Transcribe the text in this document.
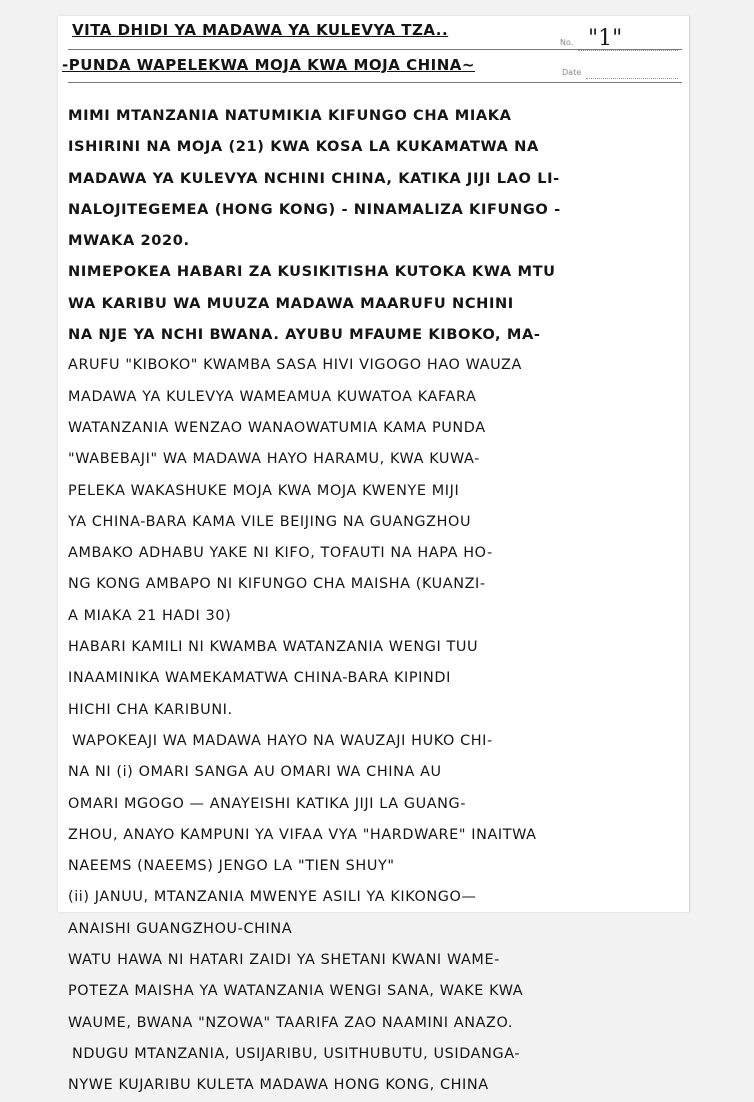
VITA DHIDI YA MADAWA YA KULEVYA TZA..
No. "1"
-PUNDA WAPELEKWA MOJA KWA MOJA CHINA~	Date
MIMI MTANZANIA NATUMIKIA KIFUNGO CHA MIAKA
ISHIRINI NA MOJA (21) KWA KOSA LA KUKAMATWA NA
MADAWA YA KULEVYA NCHINI CHINA, KATIKA JIJI LAO LI-
NALOJITEGEMEA (HONG KONG) - NINAMALIZA KIFUNGO -
MWAKA 2020.
NIMEPOKEA HABARI ZA KUSIKITISHA KUTOKA KWA MTU
WA KARIBU WA MUUZA MADAWA MAARUFU NCHINI
NA NJE YA NCHI BWANA. AYUBU MFAUME KIBOKO, MA-
ARUFU "KIBOKO" KWAMBA SASA HIVI VIGOGO HAO WAUZA
MADAWA YA KULEVYA WAMEAMUA KUWATOA KAFARA
WATANZANIA WENZAO WANAOWATUMIA KAMA PUNDA
"WABEBAJI" WA MADAWA HAYO HARAMU, KWA KUWA-
PELEKA WAKASHUKE MOJA KWA MOJA KWENYE MIJI
YA CHINA-BARA KAMA VILE BEIJING NA GUANGZHOU
AMBAKO ADHABU YAKE NI KIFO, TOFAUTI NA HAPA HO-
NG KONG AMBAPO NI KIFUNGO CHA MAISHA (KUANZI-
A MIAKA 21 HADI 30)
HABARI KAMILI NI KWAMBA WATANZANIA WENGI TUU
INAAMINIKA WAMEKAMATWA CHINA-BARA KIPINDI
HICHI CHA KARIBUNI.
WAPOKEAJI WA MADAWA HAYO NA WAUZAJI HUKO CHI-
NA NI (i) OMARI SANGA AU OMARI WA CHINA AU
OMARI MGOGO — ANAYEISHI KATIKA JIJI LA GUANG-
ZHOU, ANAYO KAMPUNI YA VIFAA VYA "HARDWARE" INAITWA
NAEEMS (NAEEMS) JENGO LA "TIEN SHUY"
(ii) JANUU, MTANZANIA MWENYE ASILI YA KIKONGO—
ANAISHI GUANGZHOU-CHINA
WATU HAWA NI HATARI ZAIDI YA SHETANI KWANI WAME-
POTEZA MAISHA YA WATANZANIA WENGI SANA, WAKE KWA
WAUME, BWANA "NZOWA" TAARIFA ZAO NAAMINI ANAZO.
NDUGU MTANZANIA, USIJARIBU, USITHUBUTU, USIDANGA-
NYWE KUJARIBU KULETA MADAWA HONG KONG, CHINA
